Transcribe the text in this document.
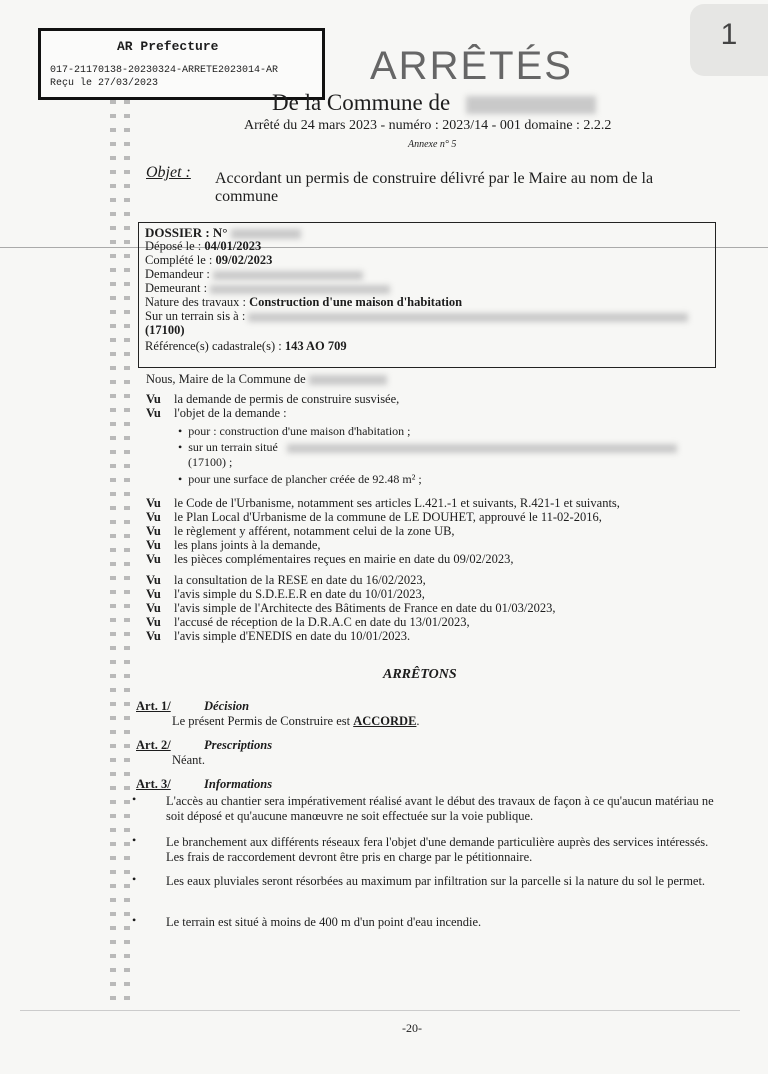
1
AR Prefecture
017-21170138-20230324-ARRETE2023014-AR
Reçu le 27/03/2023	ARRÊTÉS
De la Commune de
Arrêté du 24 mars 2023 - numéro : 2023/14 - 001 domaine : 2.2.2
Annexe n° 5
Objet : Accordant un permis de construire délivré par le Maire au nom de la commune
DOSSIER : N°
Déposé le : 04/01/2023
Complété le : 09/02/2023
Demandeur :
Demeurant :
Nature des travaux : Construction d'une maison d'habitation
Sur un terrain sis à :
(17100)
Référence(s) cadastrale(s) : 143 AO 709
Nous, Maire de la Commune de
Vu la demande de permis de construire susvisée,
Vu l'objet de la demande :
•  pour : construction d'une maison d'habitation ;
•  sur un terrain situé
(17100) ;
•  pour une surface de plancher créée de 92.48 m² ;
Vu le Code de l'Urbanisme, notamment ses articles L.421.-1 et suivants, R.421-1 et suivants,
Vu le Plan Local d'Urbanisme de la commune de LE DOUHET, approuvé le 11-02-2016,
Vu le règlement y afférent, notamment celui de la zone UB,
Vu les plans joints à la demande,
Vu les pièces complémentaires reçues en mairie en date du 09/02/2023,
Vu la consultation de la RESE en date du 16/02/2023,
Vu l'avis simple du S.D.E.E.R en date du 10/01/2023,
Vu l'avis simple de l'Architecte des Bâtiments de France en date du 01/03/2023,
Vu l'accusé de réception de la D.R.A.C en date du 13/01/2023,
Vu l'avis simple d'ENEDIS en date du 10/01/2023.
ARRÊTONS
Art. 1/	Décision
Le présent Permis de Construire est ACCORDE.
Art. 2/	Prescriptions
Néant.
Art. 3/	Informations
• L'accès au chantier sera impérativement réalisé avant le début des travaux de façon à ce qu'aucun matériau ne soit déposé et qu'aucune manœuvre ne soit effectuée sur la voie publique.
• Le branchement aux différents réseaux fera l'objet d'une demande particulière auprès des services intéressés. Les frais de raccordement devront être pris en charge par le pétitionnaire.
• Les eaux pluviales seront résorbées au maximum par infiltration sur la parcelle si la nature du sol le permet.
• Le terrain est situé à moins de 400 m d'un point d'eau incendie.
-20-
